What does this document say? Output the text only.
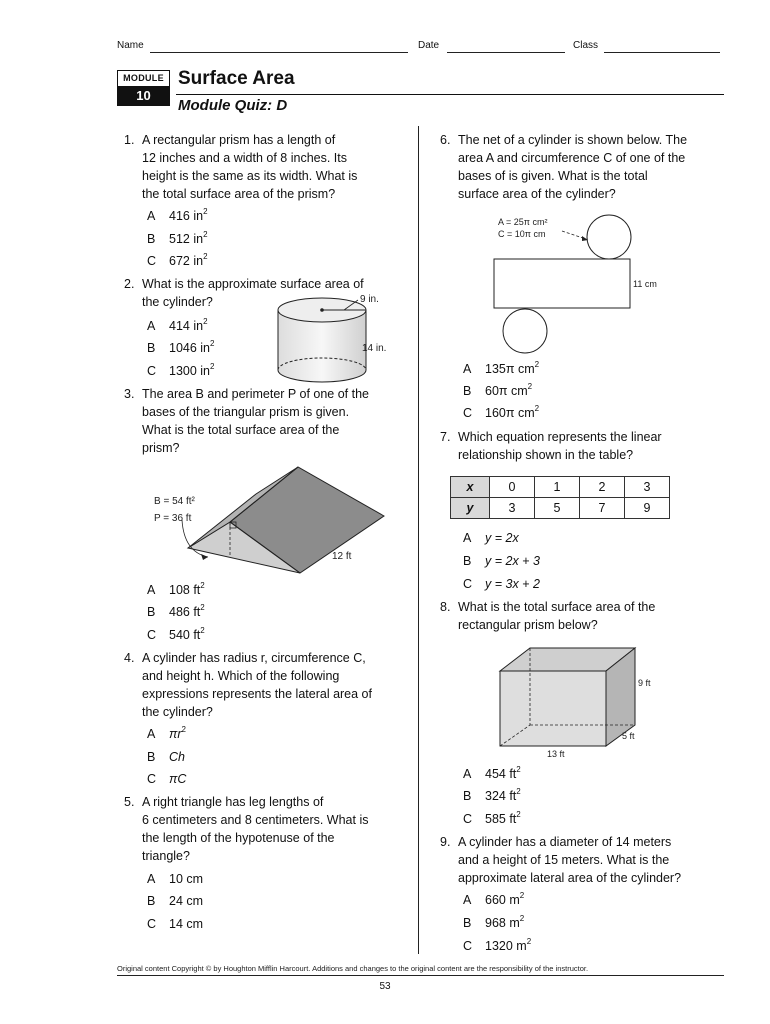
Name	Date	Class
MODULE
10
Surface Area
Module Quiz: D
1. A rectangular prism has a length of
12 inches and a width of 8 inches. Its
height is the same as its width. What is
the total surface area of the prism?
A 416 $in^2$
B 512 $in^2$
C 672 $in^2$
2. What is the approximate surface area of
the cylinder?
A 414 $in^2$
B 1046 $in^2$
C 1300 $in^2$
9 in.
14 in.
3. The area B and perimeter P of one of the
bases of the triangular prism is given.
What is the total surface area of the
prism?
B = 54 ft²
P = 36 ft
12 ft
A 108 $ft^2$
B 486 $ft^2$
C 540 $ft^2$
4. A cylinder has radius r, circumference C,
and height h. Which of the following
expressions represents the lateral area of
the cylinder?
A $\pi r^2$
B Ch
C πC
5. A right triangle has leg lengths of
6 centimeters and 8 centimeters. What is
the length of the hypotenuse of the
triangle?
A 10 cm
B 24 cm
C 14 cm
6. The net of a cylinder is shown below. The
area A and circumference C of one of the
bases of is given. What is the total
surface area of the cylinder?
A = 25π cm²
C = 10π cm
11 cm
A 135π $cm^2$
B 60π $cm^2$
C 160π $cm^2$
7. Which equation represents the linear
relationship shown in the table?
x	0	1	2	3
y	3	5	7	9
A y = 2x
B y = 2x + 3
C y = 3x + 2
8. What is the total surface area of the
rectangular prism below?
9 ft
5 ft
13 ft
A 454 $ft^2$
B 324 $ft^2$
C 585 $ft^2$
9. A cylinder has a diameter of 14 meters
and a height of 15 meters. What is the
approximate lateral area of the cylinder?
A 660 $m^2$
B 968 $m^2$
C 1320 $m^2$
Original content Copyright © by Houghton Mifflin Harcourt. Additions and changes to the original content are the responsibility of the instructor.
53
